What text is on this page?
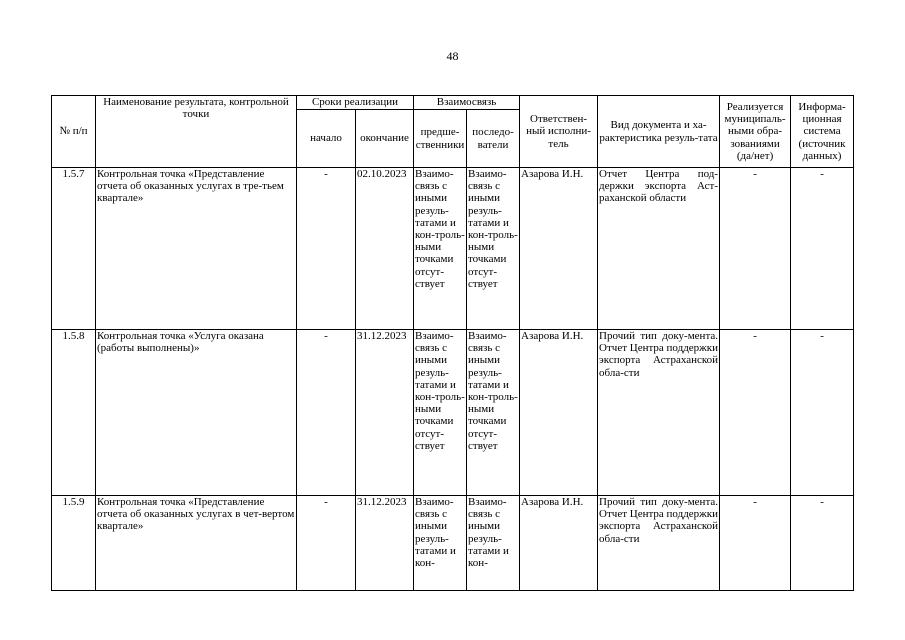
48
№ п/п	Наименование результата, контрольной точки	Сроки реализации		Взаимосвязь		Ответствен-ный исполни-тель	Вид документа и ха-рактеристика резуль-тата	Реализуется муниципаль-ными обра-зованиями (да/нет)	Информа-ционная система (источник данных)
		начало	окончание	предше-ственники	последо-ватели				
1.5.7	Контрольная точка «Представление отчета об оказанных услугах в тре-тьем квартале»	-	02.10.2023	Взаимо-связь с иными резуль-татами и кон-троль-ными точками отсут-ствует	Взаимо-связь с иными резуль-татами и кон-троль-ными точками отсут-ствует	Азарова И.Н.	Отчет Центра под-держки экспорта Аст-раханской области	-	-
1.5.8	Контрольная точка «Услуга оказана (работы выполнены)»	-	31.12.2023	Взаимо-связь с иными резуль-татами и кон-троль-ными точками отсут-ствует	Взаимо-связь с иными резуль-татами и кон-троль-ными точками отсут-ствует	Азарова И.Н.	Прочий тип доку-мента. Отчет Центра поддержки экспорта Астраханской обла-сти	-	-
1.5.9	Контрольная точка «Представление отчета об оказанных услугах в чет-вертом квартале»	-	31.12.2023	Взаимо-связь с иными резуль-татами и кон-	Взаимо-связь с иными резуль-татами и кон-	Азарова И.Н.	Прочий тип доку-мента. Отчет Центра поддержки экспорта Астраханской обла-сти	-	-
